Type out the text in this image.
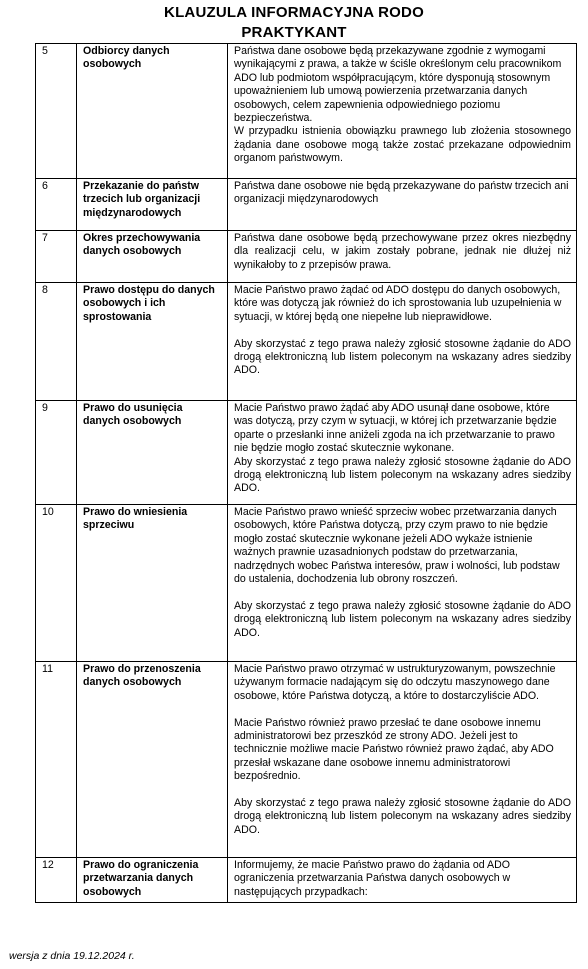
KLAUZULA INFORMACYJNA RODO
PRAKTYKANT
5	Odbiorcy danych osobowych	Państwa dane osobowe będą przekazywane zgodnie z wymogami wynikającymi z prawa, a także w ściśle określonym celu pracownikom ADO lub podmiotom współpracującym, które dysponują stosownym upoważnieniem lub umową powierzenia przetwarzania danych osobowych, celem zapewnienia odpowiedniego poziomu bezpieczeństwa.

W przypadku istnienia obowiązku prawnego lub złożenia stosownego żądania dane osobowe mogą także zostać przekazane odpowiednim organom państwowym.

6	Przekazanie do państw trzecich lub organizacji międzynarodowych	Państwa dane osobowe nie będą przekazywane do państw trzecich ani organizacji międzynarodowych

7	Okres przechowywania danych osobowych	Państwa dane osobowe będą przechowywane przez okres niezbędny dla realizacji celu, w jakim zostały pobrane, jednak nie dłużej niż wynikałoby to z przepisów prawa.

8	Prawo dostępu do danych osobowych i ich sprostowania	Macie Państwo prawo żądać od ADO dostępu do danych osobowych, które was dotyczą jak również do ich sprostowania lub uzupełnienia w sytuacji, w której będą one niepełne lub nieprawidłowe.

Aby skorzystać z tego prawa należy zgłosić stosowne żądanie do ADO drogą elektroniczną lub listem poleconym na wskazany adres siedziby ADO.

9	Prawo do usunięcia danych osobowych	Macie Państwo prawo żądać aby ADO usunął dane osobowe, które was dotyczą, przy czym w sytuacji, w której ich przetwarzanie będzie oparte o przesłanki inne aniżeli zgoda na ich przetwarzanie to prawo nie będzie mogło zostać skutecznie wykonane.

Aby skorzystać z tego prawa należy zgłosić stosowne żądanie do ADO drogą elektroniczną lub listem poleconym na wskazany adres siedziby ADO.

10	Prawo do wniesienia sprzeciwu	Macie Państwo prawo wnieść sprzeciw wobec przetwarzania danych osobowych, które Państwa dotyczą, przy czym prawo to nie będzie mogło zostać skutecznie wykonane jeżeli ADO wykaże istnienie ważnych prawnie uzasadnionych podstaw do przetwarzania, nadrzędnych wobec Państwa interesów, praw i wolności, lub podstaw do ustalenia, dochodzenia lub obrony roszczeń.

Aby skorzystać z tego prawa należy zgłosić stosowne żądanie do ADO drogą elektroniczną lub listem poleconym na wskazany adres siedziby ADO.

11	Prawo do przenoszenia danych osobowych	Macie Państwo prawo otrzymać w ustrukturyzowanym, powszechnie używanym formacie nadającym się do odczytu maszynowego dane osobowe, które Państwa dotyczą, a które to dostarczyliście ADO.

Macie Państwo również prawo przesłać te dane osobowe innemu administratorowi bez przeszkód ze strony ADO. Jeżeli jest to technicznie możliwe macie Państwo również prawo żądać, aby ADO przesłał wskazane dane osobowe innemu administratorowi bezpośrednio.

Aby skorzystać z tego prawa należy zgłosić stosowne żądanie do ADO drogą elektroniczną lub listem poleconym na wskazany adres siedziby ADO.

12	Prawo do ograniczenia przetwarzania danych osobowych	Informujemy, że macie Państwo prawo do żądania od ADO ograniczenia przetwarzania Państwa danych osobowych w następujących przypadkach:

wersja z dnia 19.12.2024 r.
